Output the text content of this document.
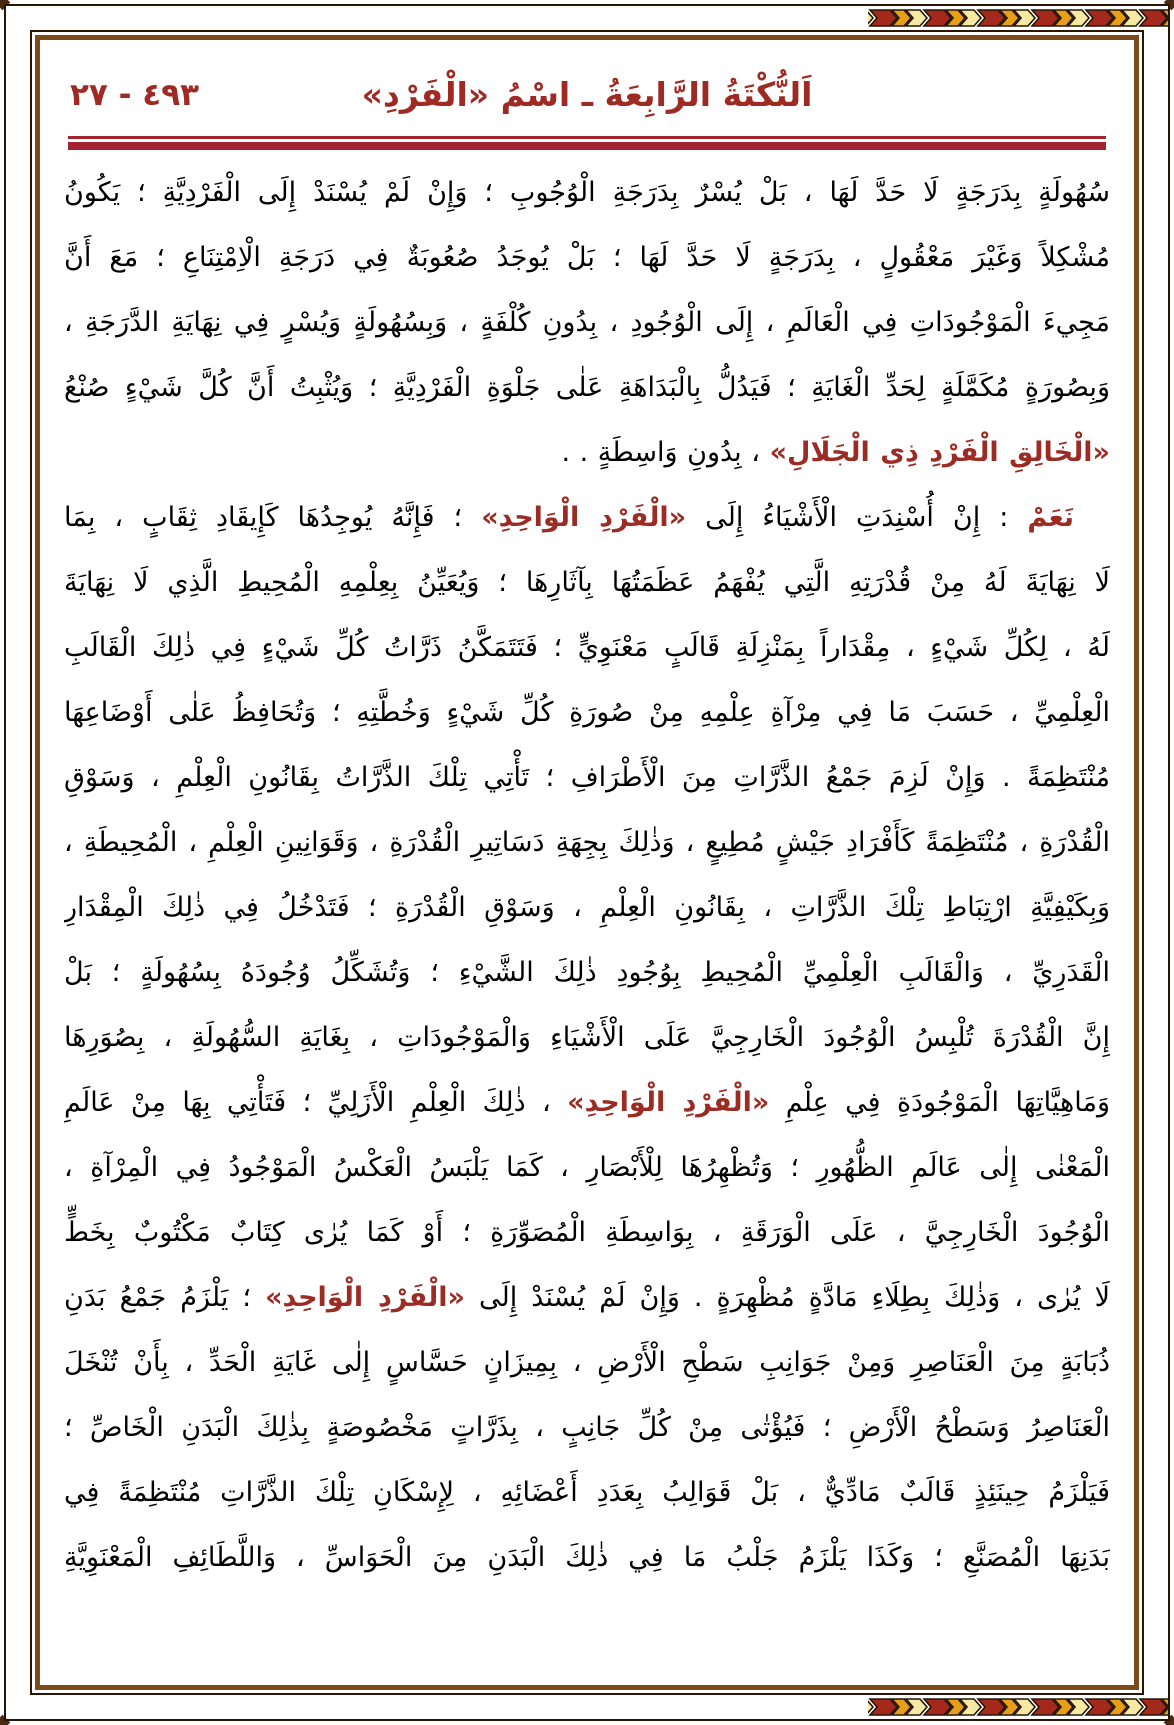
اَلنُّكْتَةُ الرَّابِعَةُ ـ اسْمُ «الْفَرْدِ»
٤٩٣ - ٢٧
سُهُولَةٍ بِدَرَجَةٍ لَا حَدَّ لَهَا ، بَلْ يُسْرٌ بِدَرَجَةِ الْوُجُوبِ ؛ وَإِنْ لَمْ يُسْنَدْ إِلَى الْفَرْدِيَّةِ ؛ يَكُونُ
مُشْكِلاً وَغَيْرَ مَعْقُولٍ ، بِدَرَجَةٍ لَا حَدَّ لَهَا ؛ بَلْ يُوجَدُ صُعُوبَةٌ فِي دَرَجَةِ الْاِمْتِنَاعِ ؛ مَعَ أَنَّ
مَجِيءَ الْمَوْجُودَاتِ فِي الْعَالَمِ ، إِلَى الْوُجُودِ ، بِدُونِ كُلْفَةٍ ، وَبِسُهُولَةٍ وَيُسْرٍ فِي نِهَايَةِ الدَّرَجَةِ ،
وَبِصُورَةٍ مُكَمَّلَةٍ لِحَدِّ الْغَايَةِ ؛ فَيَدُلُّ بِالْبَدَاهَةِ عَلٰى جَلْوَةِ الْفَرْدِيَّةِ ؛ وَيُثْبِتُ أَنَّ كُلَّ شَيْءٍ صُنْعُ
«الْخَالِقِ الْفَرْدِ ذِي الْجَلَالِ» ، بِدُونِ وَاسِطَةٍ . .
نَعَمْ : إِنْ أُسْنِدَتِ الْأَشْيَاءُ إِلَى «الْفَرْدِ الْوَاحِدِ» ؛ فَإِنَّهُ يُوجِدُهَا كَإِيقَادِ ثِقَابٍ ، بِمَا
لَا نِهَايَةَ لَهُ مِنْ قُدْرَتِهِ الَّتِي يُفْهَمُ عَظَمَتُهَا بِآثَارِهَا ؛ وَيُعَيِّنُ بِعِلْمِهِ الْمُحِيطِ الَّذِي لَا نِهَايَةَ
لَهُ ، لِكُلِّ شَيْءٍ ، مِقْدَاراً بِمَنْزِلَةِ قَالَبٍ مَعْنَوِيٍّ ؛ فَتَتَمَكَّنُ ذَرَّاتُ كُلِّ شَيْءٍ فِي ذٰلِكَ الْقَالَبِ
الْعِلْمِيِّ ، حَسَبَ مَا فِي مِرْآةِ عِلْمِهِ مِنْ صُورَةِ كُلِّ شَيْءٍ وَخُطَّتِهِ ؛ وَتُحَافِظُ عَلٰى أَوْضَاعِهَا
مُنْتَظِمَةً . وَإِنْ لَزِمَ جَمْعُ الذَّرَّاتِ مِنَ الْأَطْرَافِ ؛ تَأْتِي تِلْكَ الذَّرَّاتُ بِقَانُونِ الْعِلْمِ ، وَسَوْقِ
الْقُدْرَةِ ، مُنْتَظِمَةً كَأَفْرَادِ جَيْشٍ مُطِيعٍ ، وَذٰلِكَ بِجِهَةِ دَسَاتِيرِ الْقُدْرَةِ ، وَقَوَانِينِ الْعِلْمِ ، الْمُحِيطَةِ ،
وَبِكَيْفِيَّةِ ارْتِبَاطِ تِلْكَ الذَّرَّاتِ ، بِقَانُونِ الْعِلْمِ ، وَسَوْقِ الْقُدْرَةِ ؛ فَتَدْخُلُ فِي ذٰلِكَ الْمِقْدَارِ
الْقَدَرِيِّ ، وَالْقَالَبِ الْعِلْمِيِّ الْمُحِيطِ بِوُجُودِ ذٰلِكَ الشَّيْءِ ؛ وَتُشَكِّلُ وُجُودَهُ بِسُهُولَةٍ ؛ بَلْ
إِنَّ الْقُدْرَةَ تُلْبِسُ الْوُجُودَ الْخَارِجِيَّ عَلَى الْأَشْيَاءِ وَالْمَوْجُودَاتِ ، بِغَايَةِ السُّهُولَةِ ، بِصُوَرِهَا
وَمَاهِيَّاتِهَا الْمَوْجُودَةِ فِي عِلْمِ «الْفَرْدِ الْوَاحِدِ» ، ذٰلِكَ الْعِلْمِ الْأَزَلِيِّ ؛ فَتَأْتِي بِهَا مِنْ عَالَمِ
الْمَعْنٰى إِلٰى عَالَمِ الظُّهُورِ ؛ وَتُظْهِرُهَا لِلْأَبْصَارِ ، كَمَا يَلْبَسُ الْعَكْسُ الْمَوْجُودُ فِي الْمِرْآةِ ،
الْوُجُودَ الْخَارِجِيَّ ، عَلَى الْوَرَقَةِ ، بِوَاسِطَةِ الْمُصَوِّرَةِ ؛ أَوْ كَمَا يُرٰى كِتَابٌ مَكْتُوبٌ بِخَطٍّ
لَا يُرٰى ، وَذٰلِكَ بِطِلَاءِ مَادَّةٍ مُظْهِرَةٍ . وَإِنْ لَمْ يُسْنَدْ إِلَى «الْفَرْدِ الْوَاحِدِ» ؛ يَلْزَمُ جَمْعُ بَدَنِ
ذُبَابَةٍ مِنَ الْعَنَاصِرِ وَمِنْ جَوَانِبِ سَطْحِ الْأَرْضِ ، بِمِيزَانٍ حَسَّاسٍ إِلٰى غَايَةِ الْحَدِّ ، بِأَنْ تُنْخَلَ
الْعَنَاصِرُ وَسَطْحُ الْأَرْضِ ؛ فَيُؤْتٰى مِنْ كُلِّ جَانِبٍ ، بِذَرَّاتٍ مَخْصُوصَةٍ بِذٰلِكَ الْبَدَنِ الْخَاصِّ ؛
فَيَلْزَمُ حِينَئِذٍ قَالَبٌ مَادِّيٌّ ، بَلْ قَوَالِبُ بِعَدَدِ أَعْضَائِهِ ، لِإِسْكَانِ تِلْكَ الذَّرَّاتِ مُنْتَظِمَةً فِي
بَدَنِهَا الْمُصَنَّعِ ؛ وَكَذَا يَلْزَمُ جَلْبُ مَا فِي ذٰلِكَ الْبَدَنِ مِنَ الْحَوَاسِّ ، وَاللَّطَائِفِ الْمَعْنَوِيَّةِ
